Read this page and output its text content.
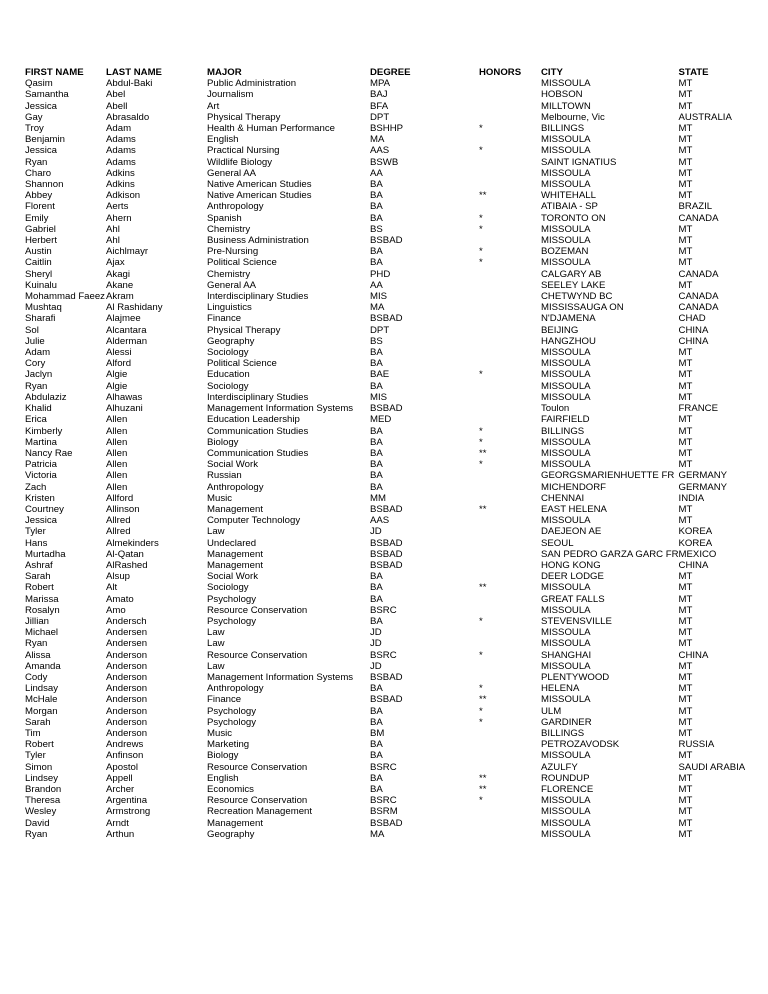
FIRST NAME	LAST NAME	MAJOR	DEGREE	HONORS	CITY	STATE
Qasim	Abdul-Baki	Public Administration	MPA		MISSOULA	MT
Samantha	Abel	Journalism	BAJ		HOBSON	MT
Jessica	Abell	Art	BFA		MILLTOWN	MT
Gay	Abrasaldo	Physical Therapy	DPT		Melbourne, Vic	AUSTRALIA
Troy	Adam	Health & Human Performance	BSHHP	*	BILLINGS	MT
Benjamin	Adams	English	MA		MISSOULA	MT
Jessica	Adams	Practical Nursing	AAS	*	MISSOULA	MT
Ryan	Adams	Wildlife Biology	BSWB		SAINT IGNATIUS	MT
Charo	Adkins	General AA	AA		MISSOULA	MT
Shannon	Adkins	Native American Studies	BA		MISSOULA	MT
Abbey	Adkison	Native American Studies	BA	**	WHITEHALL	MT
Florent	Aerts	Anthropology	BA		ATIBAIA - SP	BRAZIL
Emily	Ahern	Spanish	BA	*	TORONTO ON	CANADA
Gabriel	Ahl	Chemistry	BS	*	MISSOULA	MT
Herbert	Ahl	Business Administration	BSBAD		MISSOULA	MT
Austin	Aichlmayr	Pre-Nursing	BA	*	BOZEMAN	MT
Caitlin	Ajax	Political Science	BA	*	MISSOULA	MT
Sheryl	Akagi	Chemistry	PHD		CALGARY AB	CANADA
Kuinalu	Akane	General AA	AA		SEELEY LAKE	MT
Mohammad Faeez	Akram	Interdisciplinary Studies	MIS		CHETWYND BC	CANADA
Mushtaq	Al Rashidany	Linguistics	MA		MISSISSAUGA ON	CANADA
Sharafi	Alajmee	Finance	BSBAD		N'DJAMENA	CHAD
Sol	Alcantara	Physical Therapy	DPT		BEIJING	CHINA
Julie	Alderman	Geography	BS		HANGZHOU	CHINA
Adam	Alessi	Sociology	BA		MISSOULA	MT
Cory	Alford	Political Science	BA		MISSOULA	MT
Jaclyn	Algie	Education	BAE	*	MISSOULA	MT
Ryan	Algie	Sociology	BA		MISSOULA	MT
Abdulaziz	Alhawas	Interdisciplinary Studies	MIS		MISSOULA	MT
Khalid	Alhuzani	Management Information Systems	BSBAD		Toulon	FRANCE
Erica	Allen	Education Leadership	MED		FAIRFIELD	MT
Kimberly	Allen	Communication Studies	BA	*	BILLINGS	MT
Martina	Allen	Biology	BA	*	MISSOULA	MT
Nancy Rae	Allen	Communication Studies	BA	**	MISSOULA	MT
Patricia	Allen	Social Work	BA	*	MISSOULA	MT
Victoria	Allen	Russian	BA		GEORGSMARIENHUETTE FR	GERMANY
Zach	Allen	Anthropology	BA		MICHENDORF	GERMANY
Kristen	Allford	Music	MM		CHENNAI	INDIA
Courtney	Allinson	Management	BSBAD	**	EAST HELENA	MT
Jessica	Allred	Computer Technology	AAS		MISSOULA	MT
Tyler	Allred	Law	JD		DAEJEON AE	KOREA
Hans	Almekinders	Undeclared	BSBAD		SEOUL	KOREA
Murtadha	Al-Qatan	Management	BSBAD		SAN PEDRO GARZA GARC FR	MEXICO
Ashraf	AlRashed	Management	BSBAD		HONG KONG	CHINA
Sarah	Alsup	Social Work	BA		DEER LODGE	MT
Robert	Alt	Sociology	BA	**	MISSOULA	MT
Marissa	Amato	Psychology	BA		GREAT FALLS	MT
Rosalyn	Amo	Resource Conservation	BSRC		MISSOULA	MT
Jillian	Andersch	Psychology	BA	*	STEVENSVILLE	MT
Michael	Andersen	Law	JD		MISSOULA	MT
Ryan	Andersen	Law	JD		MISSOULA	MT
Alissa	Anderson	Resource Conservation	BSRC	*	SHANGHAI	CHINA
Amanda	Anderson	Law	JD		MISSOULA	MT
Cody	Anderson	Management Information Systems	BSBAD		PLENTYWOOD	MT
Lindsay	Anderson	Anthropology	BA	*	HELENA	MT
McHale	Anderson	Finance	BSBAD	**	MISSOULA	MT
Morgan	Anderson	Psychology	BA	*	ULM	MT
Sarah	Anderson	Psychology	BA	*	GARDINER	MT
Tim	Anderson	Music	BM		BILLINGS	MT
Robert	Andrews	Marketing	BA		PETROZAVODSK	RUSSIA
Tyler	Anfinson	Biology	BA		MISSOULA	MT
Simon	Apostol	Resource Conservation	BSRC		AZULFY	SAUDI ARABIA
Lindsey	Appell	English	BA	**	ROUNDUP	MT
Brandon	Archer	Economics	BA	**	FLORENCE	MT
Theresa	Argentina	Resource Conservation	BSRC	*	MISSOULA	MT
Wesley	Armstrong	Recreation Management	BSRM		MISSOULA	MT
David	Arndt	Management	BSBAD		MISSOULA	MT
Ryan	Arthun	Geography	MA		MISSOULA	MT
